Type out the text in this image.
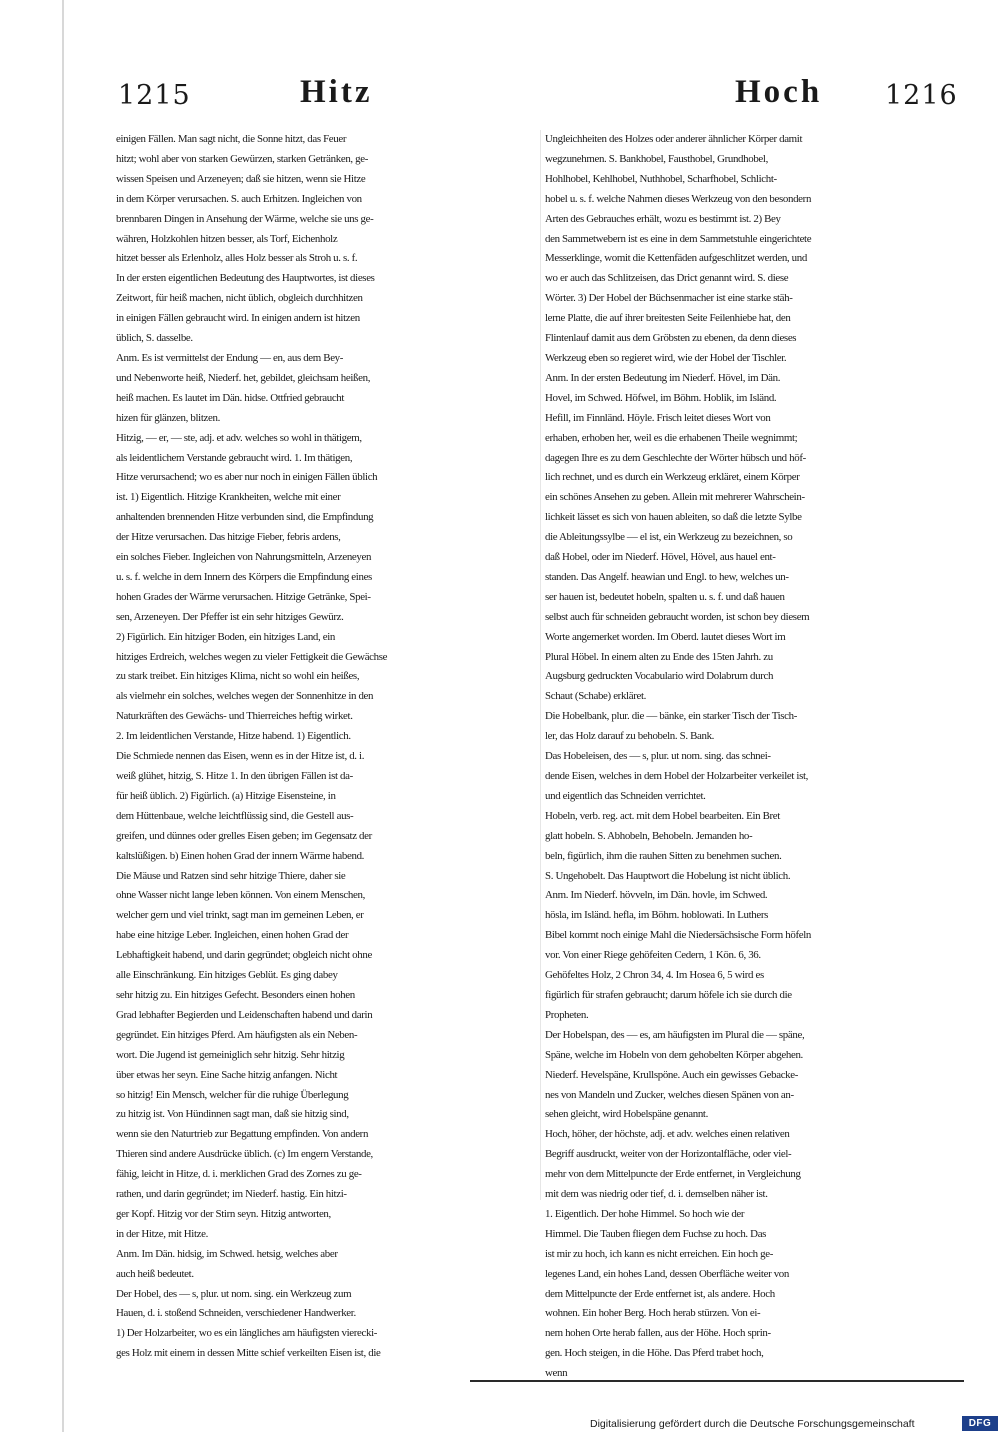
1215	Hitz	Hoch 1216
einigen Fällen. Man sagt nicht, die Sonne hitzt, das Feuer
hitzt; wohl aber von starken Gewürzen, starken Getränken, ge-
wissen Speisen und Arzeneyen; daß sie hitzen, wenn sie Hitze
in dem Körper verursachen. S. auch Erhitzen. Ingleichen von
brennbaren Dingen in Ansehung der Wärme, welche sie uns ge-
währen, Holzkohlen hitzen besser, als Torf, Eichenholz
hitzet besser als Erlenholz, alles Holz besser als Stroh u. s. f.
In der ersten eigentlichen Bedeutung des Hauptwortes, ist dieses
Zeitwort, für heiß machen, nicht üblich, obgleich durchhitzen
in einigen Fällen gebraucht wird. In einigen andern ist hitzen
üblich, S. dasselbe.
Anm. Es ist vermittelst der Endung — en, aus dem Bey-
und Nebenworte heiß, Niederf. het, gebildet, gleichsam heißen,
heiß machen. Es lautet im Dän. hidse. Ottfried gebraucht
hizen für glänzen, blitzen.
Hitzig, — er, — ste, adj. et adv. welches so wohl in thätigem,
als leidentlichem Verstande gebraucht wird. 1. Im thätigen,
Hitze verursachend; wo es aber nur noch in einigen Fällen üblich
ist. 1) Eigentlich. Hitzige Krankheiten, welche mit einer
anhaltenden brennenden Hitze verbunden sind, die Empfindung
der Hitze verursachen. Das hitzige Fieber, febris ardens,
ein solches Fieber. Ingleichen von Nahrungsmitteln, Arzeneyen
u. s. f. welche in dem Innern des Körpers die Empfindung eines
hohen Grades der Wärme verursachen. Hitzige Getränke, Spei-
sen, Arzeneyen. Der Pfeffer ist ein sehr hitziges Gewürz.
2) Figürlich. Ein hitziger Boden, ein hitziges Land, ein
hitziges Erdreich, welches wegen zu vieler Fettigkeit die Gewächse
zu stark treibet. Ein hitziges Klima, nicht so wohl ein heißes,
als vielmehr ein solches, welches wegen der Sonnenhitze in den
Naturkräften des Gewächs- und Thierreiches heftig wirket.
2. Im leidentlichen Verstande, Hitze habend. 1) Eigentlich.
Die Schmiede nennen das Eisen, wenn es in der Hitze ist, d. i.
weiß glühet, hitzig, S. Hitze 1. In den übrigen Fällen ist da-
für heiß üblich. 2) Figürlich. (a) Hitzige Eisensteine, in
dem Hüttenbaue, welche leichtflüssig sind, die Gestell aus-
greifen, und dünnes oder grelles Eisen geben; im Gegensatz der
kaltslüßigen. b) Einen hohen Grad der innern Wärme habend.
Die Mäuse und Ratzen sind sehr hitzige Thiere, daher sie
ohne Wasser nicht lange leben können. Von einem Menschen,
welcher gern und viel trinkt, sagt man im gemeinen Leben, er
habe eine hitzige Leber. Ingleichen, einen hohen Grad der
Lebhaftigkeit habend, und darin gegründet; obgleich nicht ohne
alle Einschränkung. Ein hitziges Geblüt. Es ging dabey
sehr hitzig zu. Ein hitziges Gefecht. Besonders einen hohen
Grad lebhafter Begierden und Leidenschaften habend und darin
gegründet. Ein hitziges Pferd. Am häufigsten als ein Neben-
wort. Die Jugend ist gemeiniglich sehr hitzig. Sehr hitzig
über etwas her seyn. Eine Sache hitzig anfangen. Nicht
so hitzig! Ein Mensch, welcher für die ruhige Überlegung
zu hitzig ist. Von Hündinnen sagt man, daß sie hitzig sind,
wenn sie den Naturtrieb zur Begattung empfinden. Von andern
Thieren sind andere Ausdrücke üblich. (c) Im engern Verstande,
fähig, leicht in Hitze, d. i. merklichen Grad des Zornes zu ge-
rathen, und darin gegründet; im Niederf. hastig. Ein hitzi-
ger Kopf. Hitzig vor der Stirn seyn. Hitzig antworten,
in der Hitze, mit Hitze.
Anm. Im Dän. hidsig, im Schwed. hetsig, welches aber
auch heiß bedeutet.
Der Hobel, des — s, plur. ut nom. sing. ein Werkzeug zum
Hauen, d. i. stoßend Schneiden, verschiedener Handwerker.
1) Der Holzarbeiter, wo es ein längliches am häufigsten vierecki-
ges Holz mit einem in dessen Mitte schief verkeilten Eisen ist, die
Ungleichheiten des Holzes oder anderer ähnlicher Körper damit
wegzunehmen. S. Bankhobel, Fausthobel, Grundhobel,
Hohlhobel, Kehlhobel, Nuthhobel, Scharfhobel, Schlicht-
hobel u. s. f. welche Nahmen dieses Werkzeug von den besondern
Arten des Gebrauches erhält, wozu es bestimmt ist. 2) Bey
den Sammetwebern ist es eine in dem Sammetstuhle eingerichtete
Messerklinge, womit die Kettenfäden aufgeschlitzet werden, und
wo er auch das Schlitzeisen, das Drict genannt wird. S. diese
Wörter. 3) Der Hobel der Büchsenmacher ist eine starke stäh-
lerne Platte, die auf ihrer breitesten Seite Feilenhiebe hat, den
Flintenlauf damit aus dem Gröbsten zu ebenen, da denn dieses
Werkzeug eben so regieret wird, wie der Hobel der Tischler.
Anm. In der ersten Bedeutung im Niederf. Hövel, im Dän.
Hovel, im Schwed. Höfwel, im Böhm. Hoblik, im Isländ.
Hefill, im Finnländ. Höyle. Frisch leitet dieses Wort von
erhaben, erhoben her, weil es die erhabenen Theile wegnimmt;
dagegen Ihre es zu dem Geschlechte der Wörter hübsch und höf-
lich rechnet, und es durch ein Werkzeug erkläret, einem Körper
ein schönes Ansehen zu geben. Allein mit mehrerer Wahrschein-
lichkeit lässet es sich von hauen ableiten, so daß die letzte Sylbe
die Ableitungssylbe — el ist, ein Werkzeug zu bezeichnen, so
daß Hobel, oder im Niederf. Hövel, Hövel, aus hauel ent-
standen. Das Angelf. heawian und Engl. to hew, welches un-
ser hauen ist, bedeutet hobeln, spalten u. s. f. und daß hauen
selbst auch für schneiden gebraucht worden, ist schon bey diesem
Worte angemerket worden. Im Oberd. lautet dieses Wort im
Plural Höbel. In einem alten zu Ende des 15ten Jahrh. zu
Augsburg gedruckten Vocabulario wird Dolabrum durch
Schaut (Schabe) erkläret.
Die Hobelbank, plur. die — bänke, ein starker Tisch der Tisch-
ler, das Holz darauf zu behobeln. S. Bank.
Das Hobeleisen, des — s, plur. ut nom. sing. das schnei-
dende Eisen, welches in dem Hobel der Holzarbeiter verkeilet ist,
und eigentlich das Schneiden verrichtet.
Hobeln, verb. reg. act. mit dem Hobel bearbeiten. Ein Bret
glatt hobeln. S. Abhobeln, Behobeln. Jemanden ho-
beln, figürlich, ihm die rauhen Sitten zu benehmen suchen.
S. Ungehobelt. Das Hauptwort die Hobelung ist nicht üblich.
Anm. Im Niederf. hövveln, im Dän. hovle, im Schwed.
hösla, im Isländ. hefla, im Böhm. hoblowati. In Luthers
Bibel kommt noch einige Mahl die Niedersächsische Form höfeln
vor. Von einer Riege gehöfeiten Cedern, 1 Kön. 6, 36.
Gehöfeltes Holz, 2 Chron 34, 4. Im Hosea 6, 5 wird es
figürlich für strafen gebraucht; darum höfele ich sie durch die
Propheten.
Der Hobelspan, des — es, am häufigsten im Plural die — späne,
Späne, welche im Hobeln von dem gehobelten Körper abgehen.
Niederf. Hevelspäne, Krullspöne. Auch ein gewisses Gebacke-
nes von Mandeln und Zucker, welches diesen Spänen von an-
sehen gleicht, wird Hobelspäne genannt.
Hoch, höher, der höchste, adj. et adv. welches einen relativen
Begriff ausdruckt, weiter von der Horizontalfläche, oder viel-
mehr von dem Mittelpuncte der Erde entfernet, in Vergleichung
mit dem was niedrig oder tief, d. i. demselben näher ist.
1. Eigentlich. Der hohe Himmel. So hoch wie der
Himmel. Die Tauben fliegen dem Fuchse zu hoch. Das
ist mir zu hoch, ich kann es nicht erreichen. Ein hoch ge-
legenes Land, ein hohes Land, dessen Oberfläche weiter von
dem Mittelpuncte der Erde entfernet ist, als andere. Hoch
wohnen. Ein hoher Berg. Hoch herab stürzen. Von ei-
nem hohen Orte herab fallen, aus der Höhe. Hoch sprin-
gen. Hoch steigen, in die Höhe. Das Pferd trabet hoch,
wenn
Digitalisierung gefördert durch die Deutsche Forschungsgemeinschaft	DFG
